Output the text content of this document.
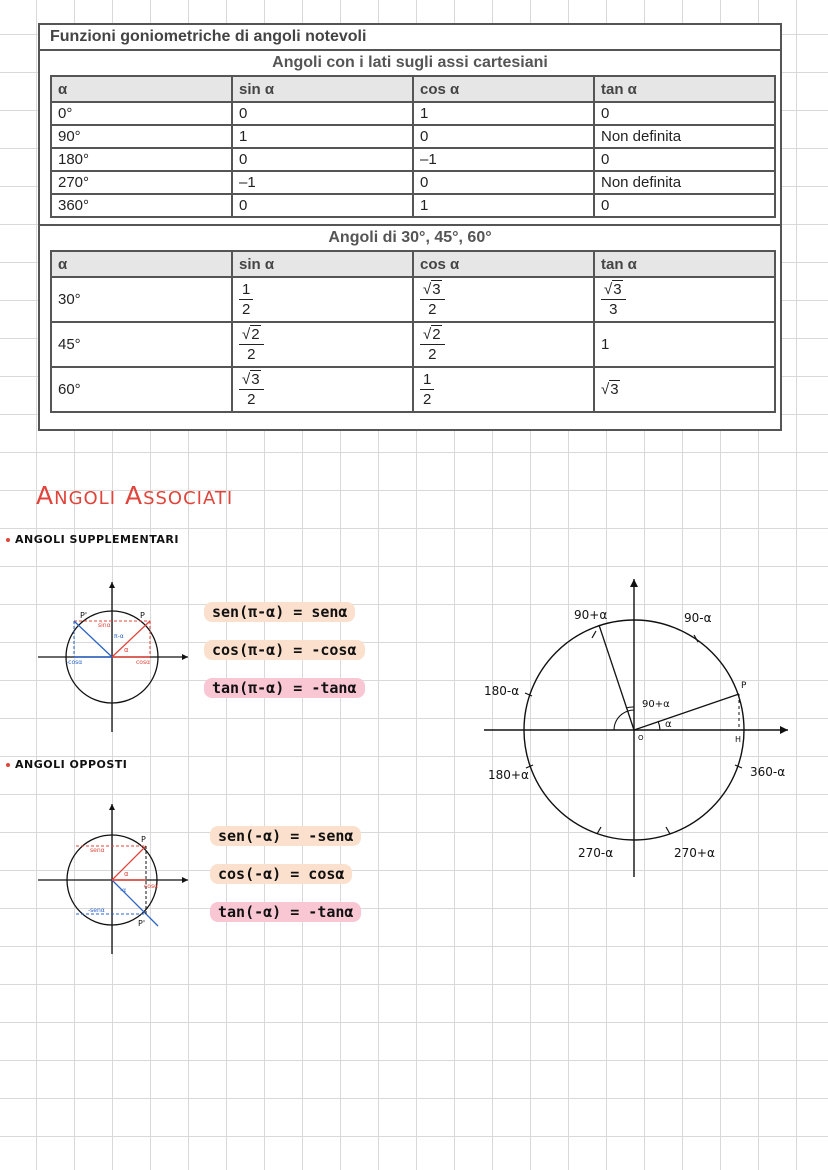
Funzioni goniometriche di angoli notevoli
Angoli con i lati sugli assi cartesiani
α	sin α	cos α	tan α
0°	0	1	0
90°	1	0	Non definita
180°	0	–1	0
270°	–1	0	Non definita
360°	0	1	0
Angoli di 30°, 45°, 60°
α	sin α	cos α	tan α
30°	$\frac{1}{2}$	$\frac{√3}{2}$	$\frac{√3}{3}$

45°	$\frac{√2}{2}$	$\frac{√2}{2}$	1
60°	$\frac{√3}{2}$	$\frac{1}{2}$	√3
Angoli Associati
ANGOLI SUPPLEMENTARI
P
P'
sinα
-cosα	cosα
π-α
α
sen(π-α) = senα
cos(π-α) = -cosα
tan(π-α) = -tanα
ANGOLI OPPOSTI
P
P'
senα
-senα
cosα
α
-α
sen(-α) = -senα
cos(-α) = cosα
tan(-α) = -tanα
90+α	90-α
180-α
180+α
270-α	270+α
360-α
P
H
O
90+α
α
